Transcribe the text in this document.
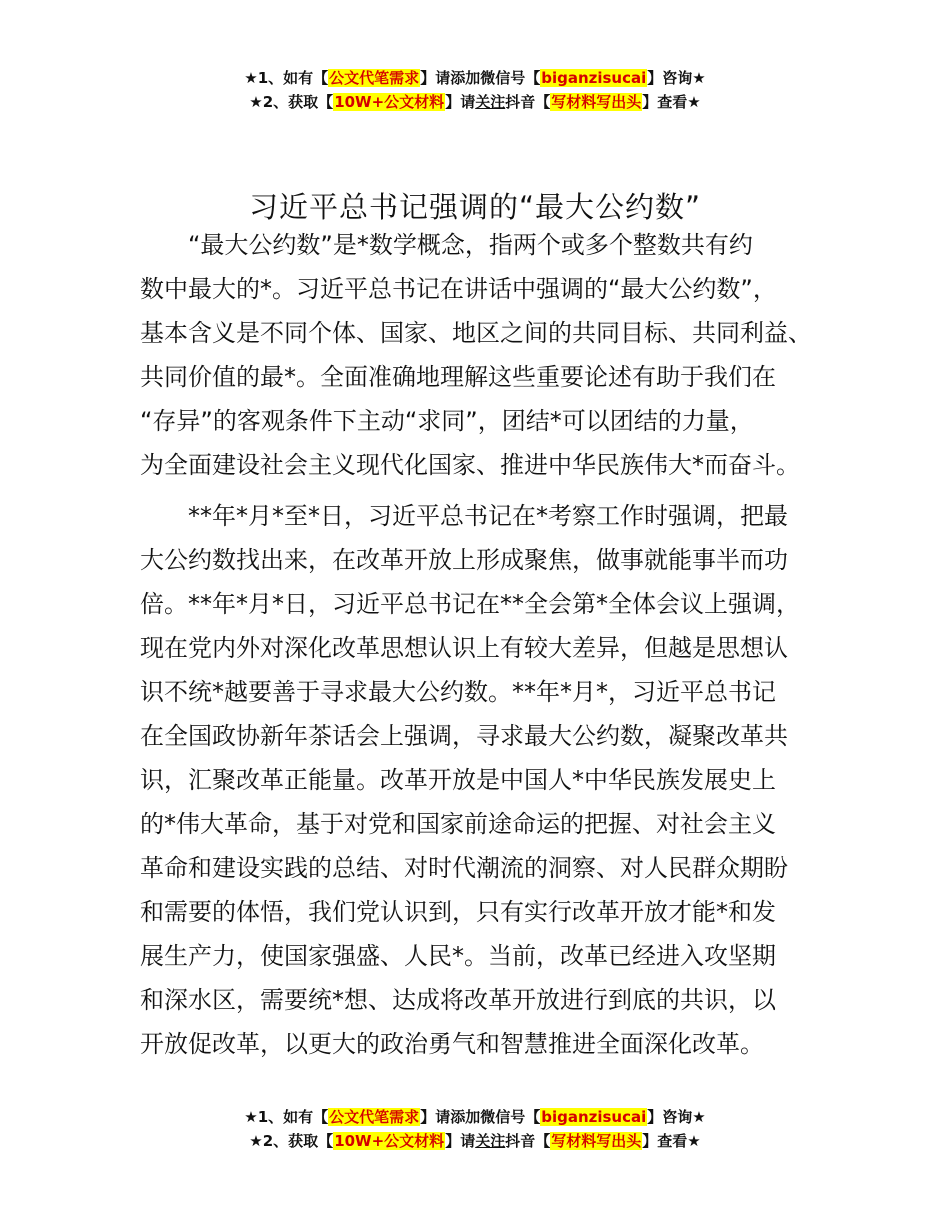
★1、如有【公文代笔需求】请添加微信号【biganzisucai】咨询★
★2、获取【10W+公文材料】请关注抖音【写材料写出头】查看★
习近平总书记强调的“最大公约数”

　　“最大公约数”是*数学概念，指两个或多个整数共有约

数中最大的*。习近平总书记在讲话中强调的“最大公约数”，

基本含义是不同个体、国家、地区之间的共同目标、共同利益、

共同价值的最*。全面准确地理解这些重要论述有助于我们在

“存异”的客观条件下主动“求同”，团结*可以团结的力量，

为全面建设社会主义现代化国家、推进中华民族伟大*而奋斗。

　　**年*月*至*日，习近平总书记在*考察工作时强调，把最

大公约数找出来，在改革开放上形成聚焦，做事就能事半而功

倍。**年*月*日，习近平总书记在**全会第*全体会议上强调，

现在党内外对深化改革思想认识上有较大差异，但越是思想认

识不统*越要善于寻求最大公约数。**年*月*，习近平总书记

在全国政协新年茶话会上强调，寻求最大公约数，凝聚改革共

识，汇聚改革正能量。改革开放是中国人*中华民族发展史上

的*伟大革命，基于对党和国家前途命运的把握、对社会主义

革命和建设实践的总结、对时代潮流的洞察、对人民群众期盼

和需要的体悟，我们党认识到，只有实行改革开放才能*和发

展生产力，使国家强盛、人民*。当前，改革已经进入攻坚期

和深水区，需要统*想、达成将改革开放进行到底的共识，以

开放促改革，以更大的政治勇气和智慧推进全面深化改革。

★1、如有【公文代笔需求】请添加微信号【biganzisucai】咨询★
★2、获取【10W+公文材料】请关注抖音【写材料写出头】查看★
